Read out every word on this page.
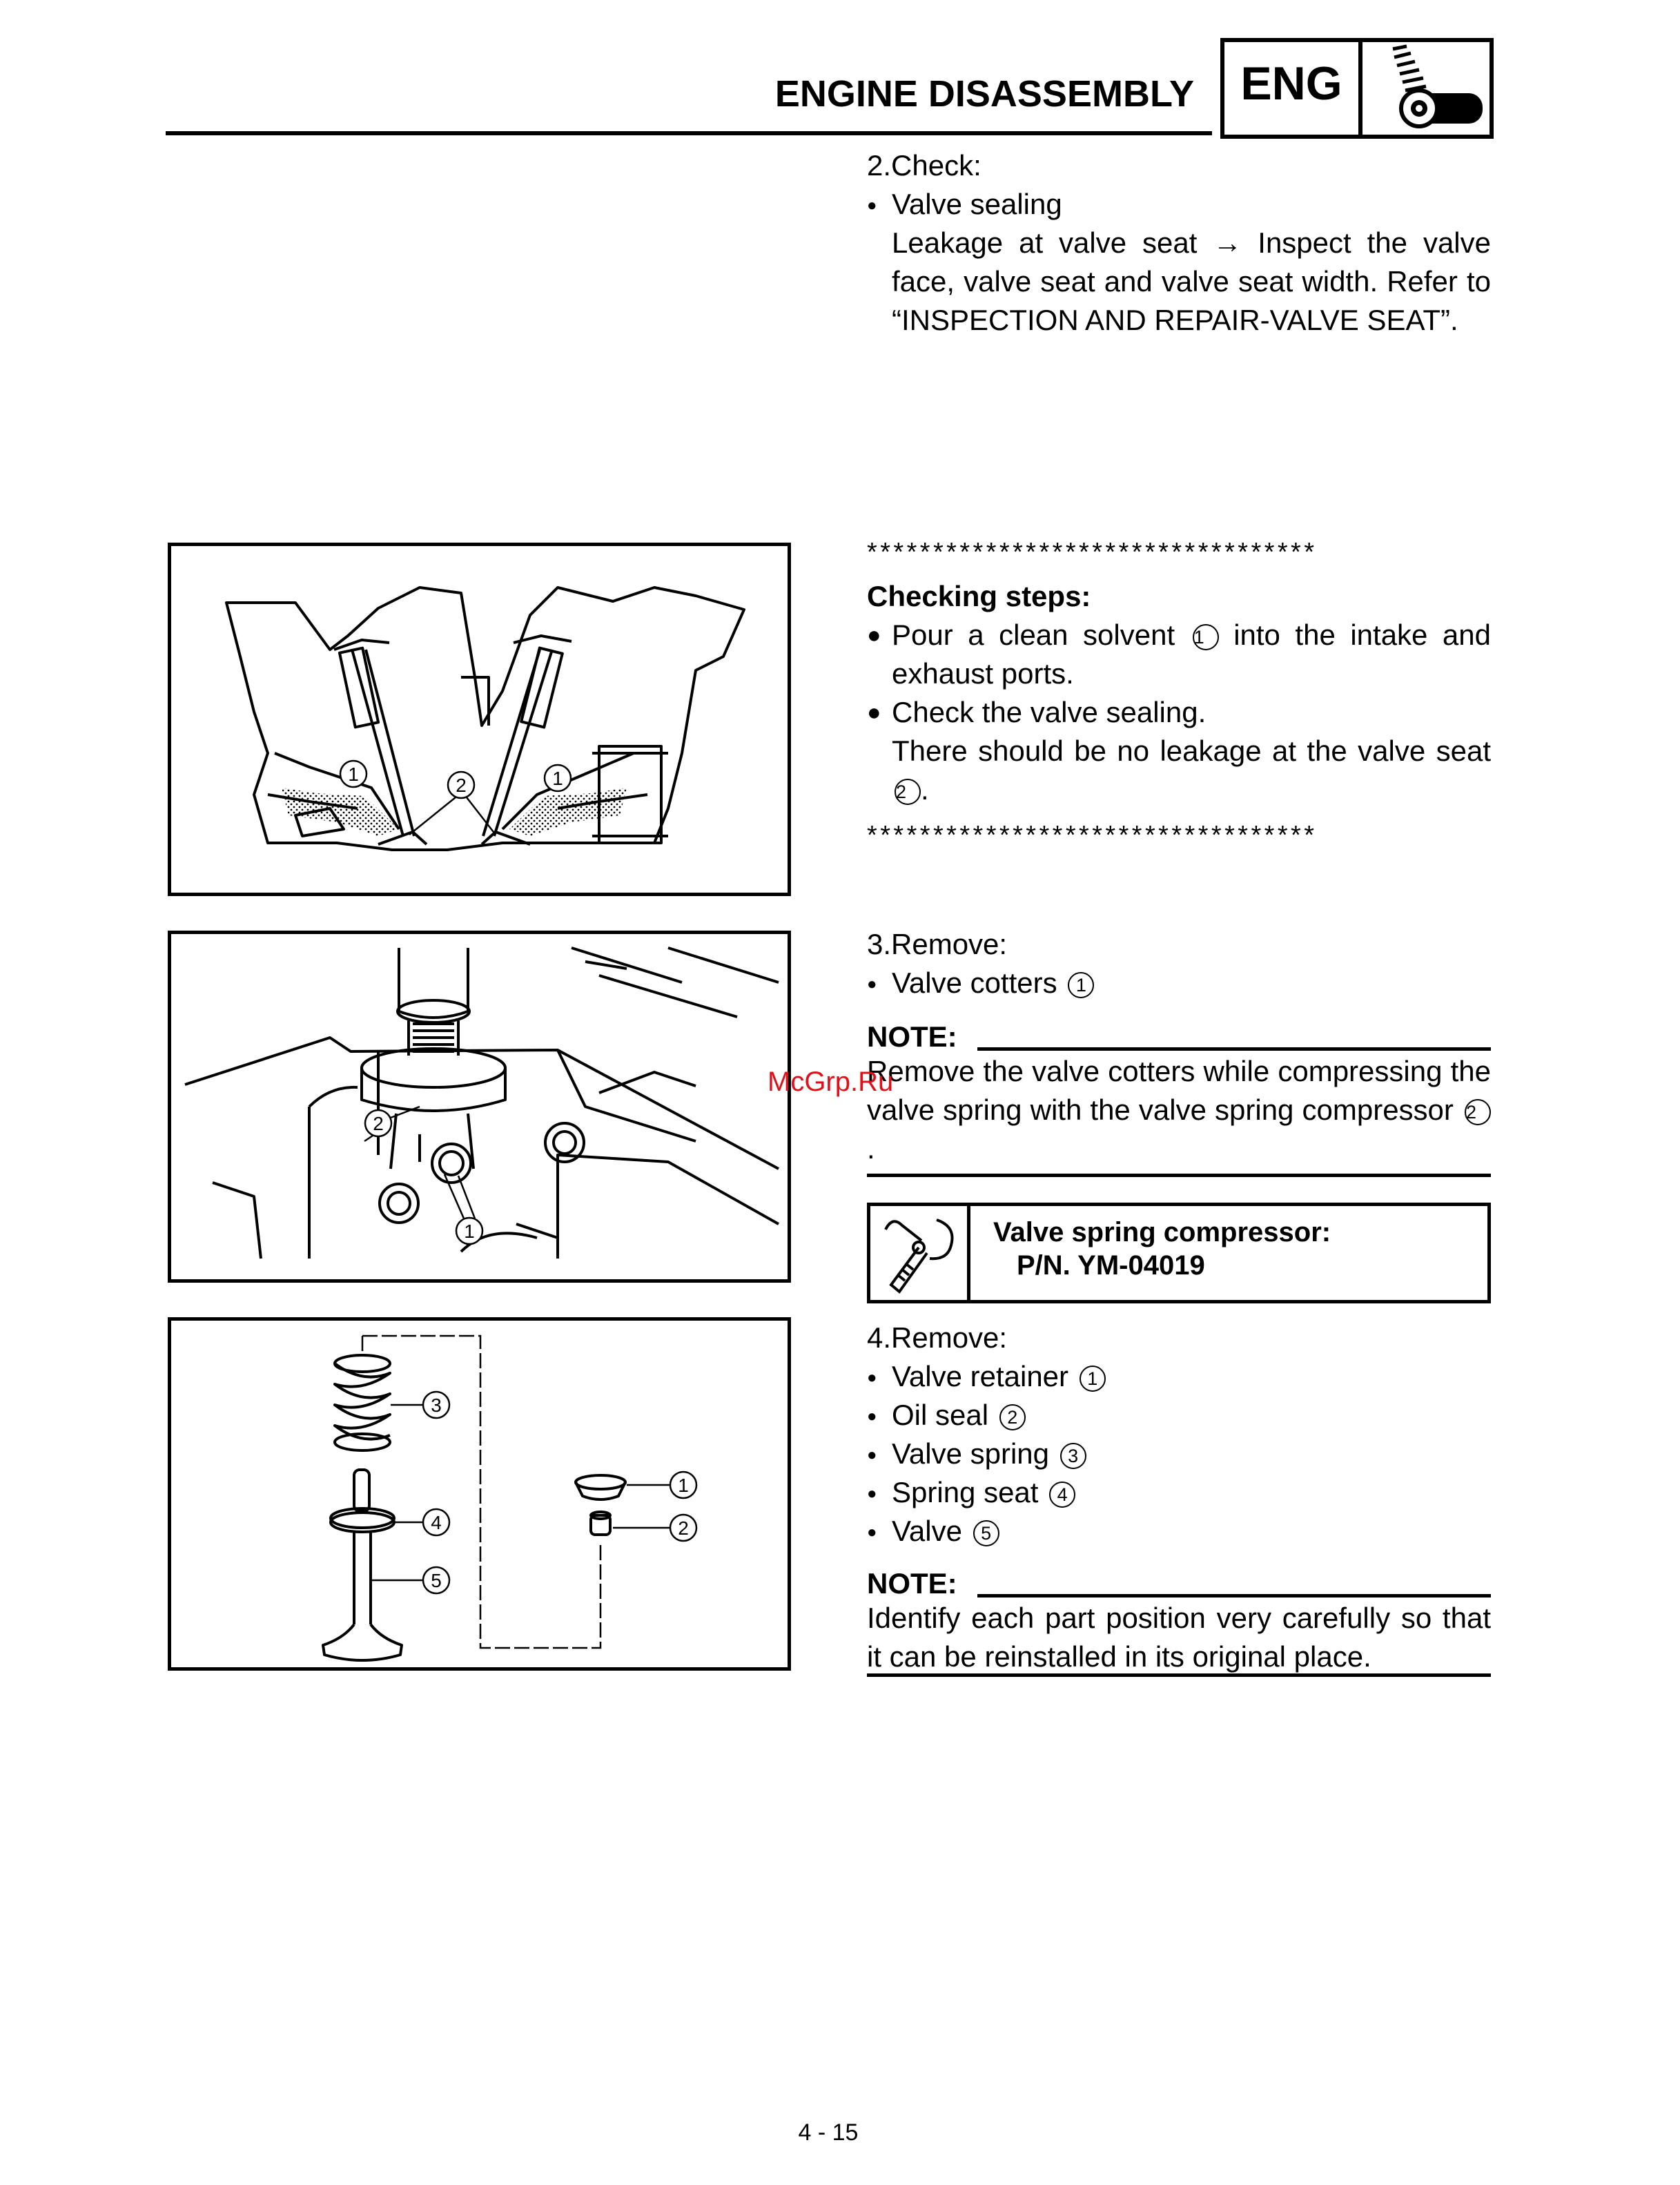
ENGINE DISASSEMBLY ENG

2.Check:

● Valve sealing

Leakage at valve seat → Inspect the valve face, valve seat and valve seat width. Refer to “INSPECTION AND REPAIR-VALVE SEAT”.

**********************************

Checking steps:

● Pour a clean solvent 1 into the intake and exhaust ports.

● Check the valve sealing.

There should be no leakage at the valve seat 2 .

**********************************

3.Remove:

● Valve cotters 1

NOTE:
Remove the valve cotters while compressing the valve spring with the valve spring compressor 2.
Valve spring compressor:
P/N. YM-04019

4.Remove:

● Valve retainer 1

● Oil seal 2

● Valve spring 3

● Spring seat 4

● Valve 5

NOTE:
Identify each part position very carefully so that it can be reinstalled in its original place.
1
2	1
2
1
3
4
5
1
2
McGrp.Ru
4 - 15
